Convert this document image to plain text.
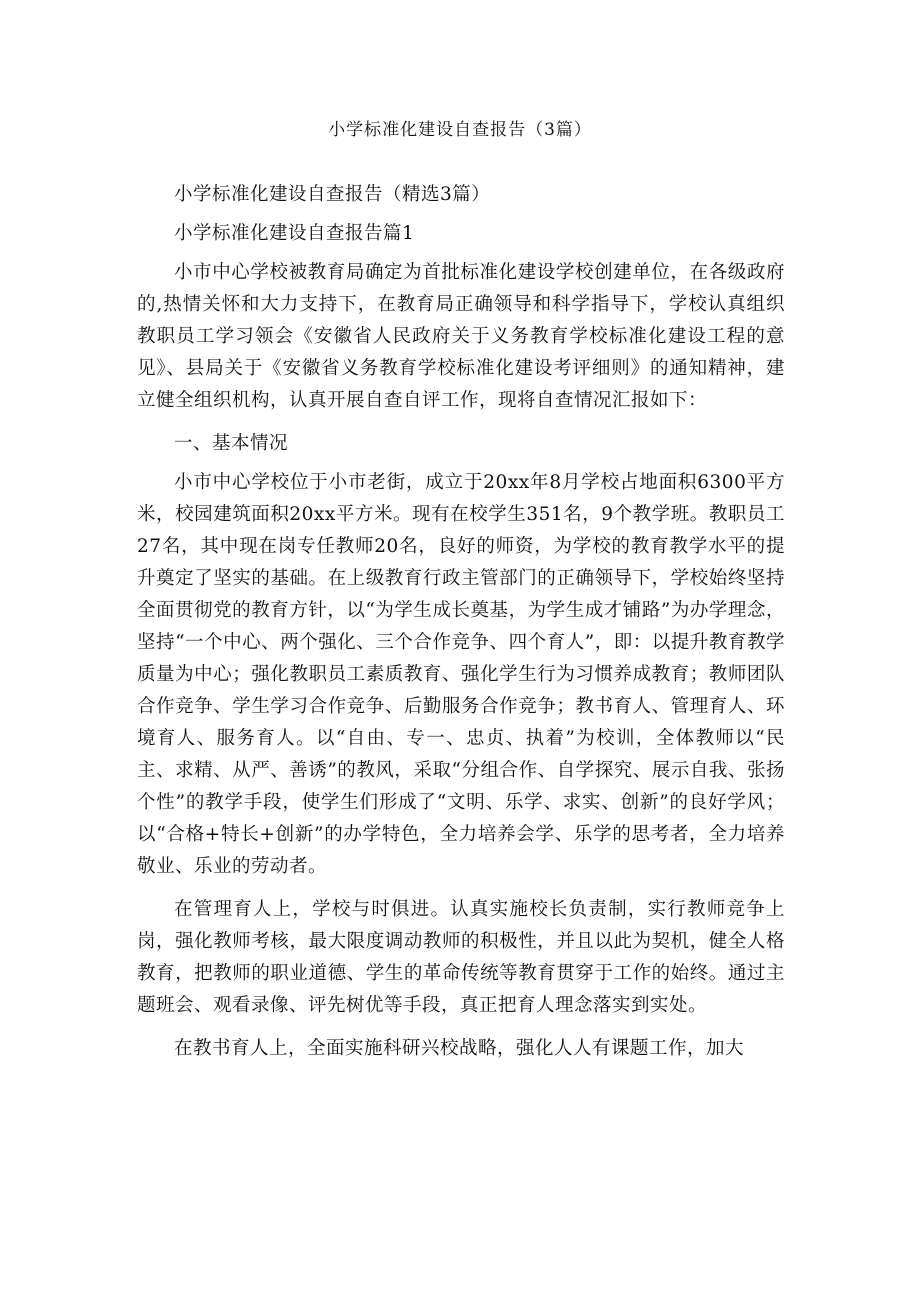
小学标准化建设自查报告（3篇）

小学标准化建设自查报告（精选3篇）

小学标准化建设自查报告篇1

小市中心学校被教育局确定为首批标准化建设学校创建单位，在各级政府的,热情关怀和大力支持下，在教育局正确领导和科学指导下，学校认真组织教职员工学习领会《安徽省人民政府关于义务教育学校标准化建设工程的意见》、县局关于《安徽省义务教育学校标准化建设考评细则》的通知精神，建立健全组织机构，认真开展自查自评工作，现将自查情况汇报如下：

一、基本情况

小市中心学校位于小市老街，成立于20xx年8月学校占地面积6300平方米，校园建筑面积20xx平方米。现有在校学生351名，9个教学班。教职员工27名，其中现在岗专任教师20名，良好的师资，为学校的教育教学水平的提升奠定了坚实的基础。在上级教育行政主管部门的正确领导下，学校始终坚持全面贯彻党的教育方针，以“为学生成长奠基，为学生成才铺路”为办学理念，坚持“一个中心、两个强化、三个合作竞争、四个育人”，即：以提升教育教学质量为中心；强化教职员工素质教育、强化学生行为习惯养成教育；教师团队合作竞争、学生学习合作竞争、后勤服务合作竞争；教书育人、管理育人、环境育人、服务育人。以“自由、专一、忠贞、执着”为校训，全体教师以“民主、求精、从严、善诱”的教风，采取“分组合作、自学探究、展示自我、张扬个性”的教学手段，使学生们形成了“文明、乐学、求实、创新”的良好学风；以“合格+特长+创新”的办学特色，全力培养会学、乐学的思考者，全力培养敬业、乐业的劳动者。

在管理育人上，学校与时俱进。认真实施校长负责制，实行教师竞争上岗，强化教师考核，最大限度调动教师的积极性，并且以此为契机，健全人格教育，把教师的职业道德、学生的革命传统等教育贯穿于工作的始终。通过主题班会、观看录像、评先树优等手段，真正把育人理念落实到实处。

在教书育人上，全面实施科研兴校战略，强化人人有课题工作，加大
